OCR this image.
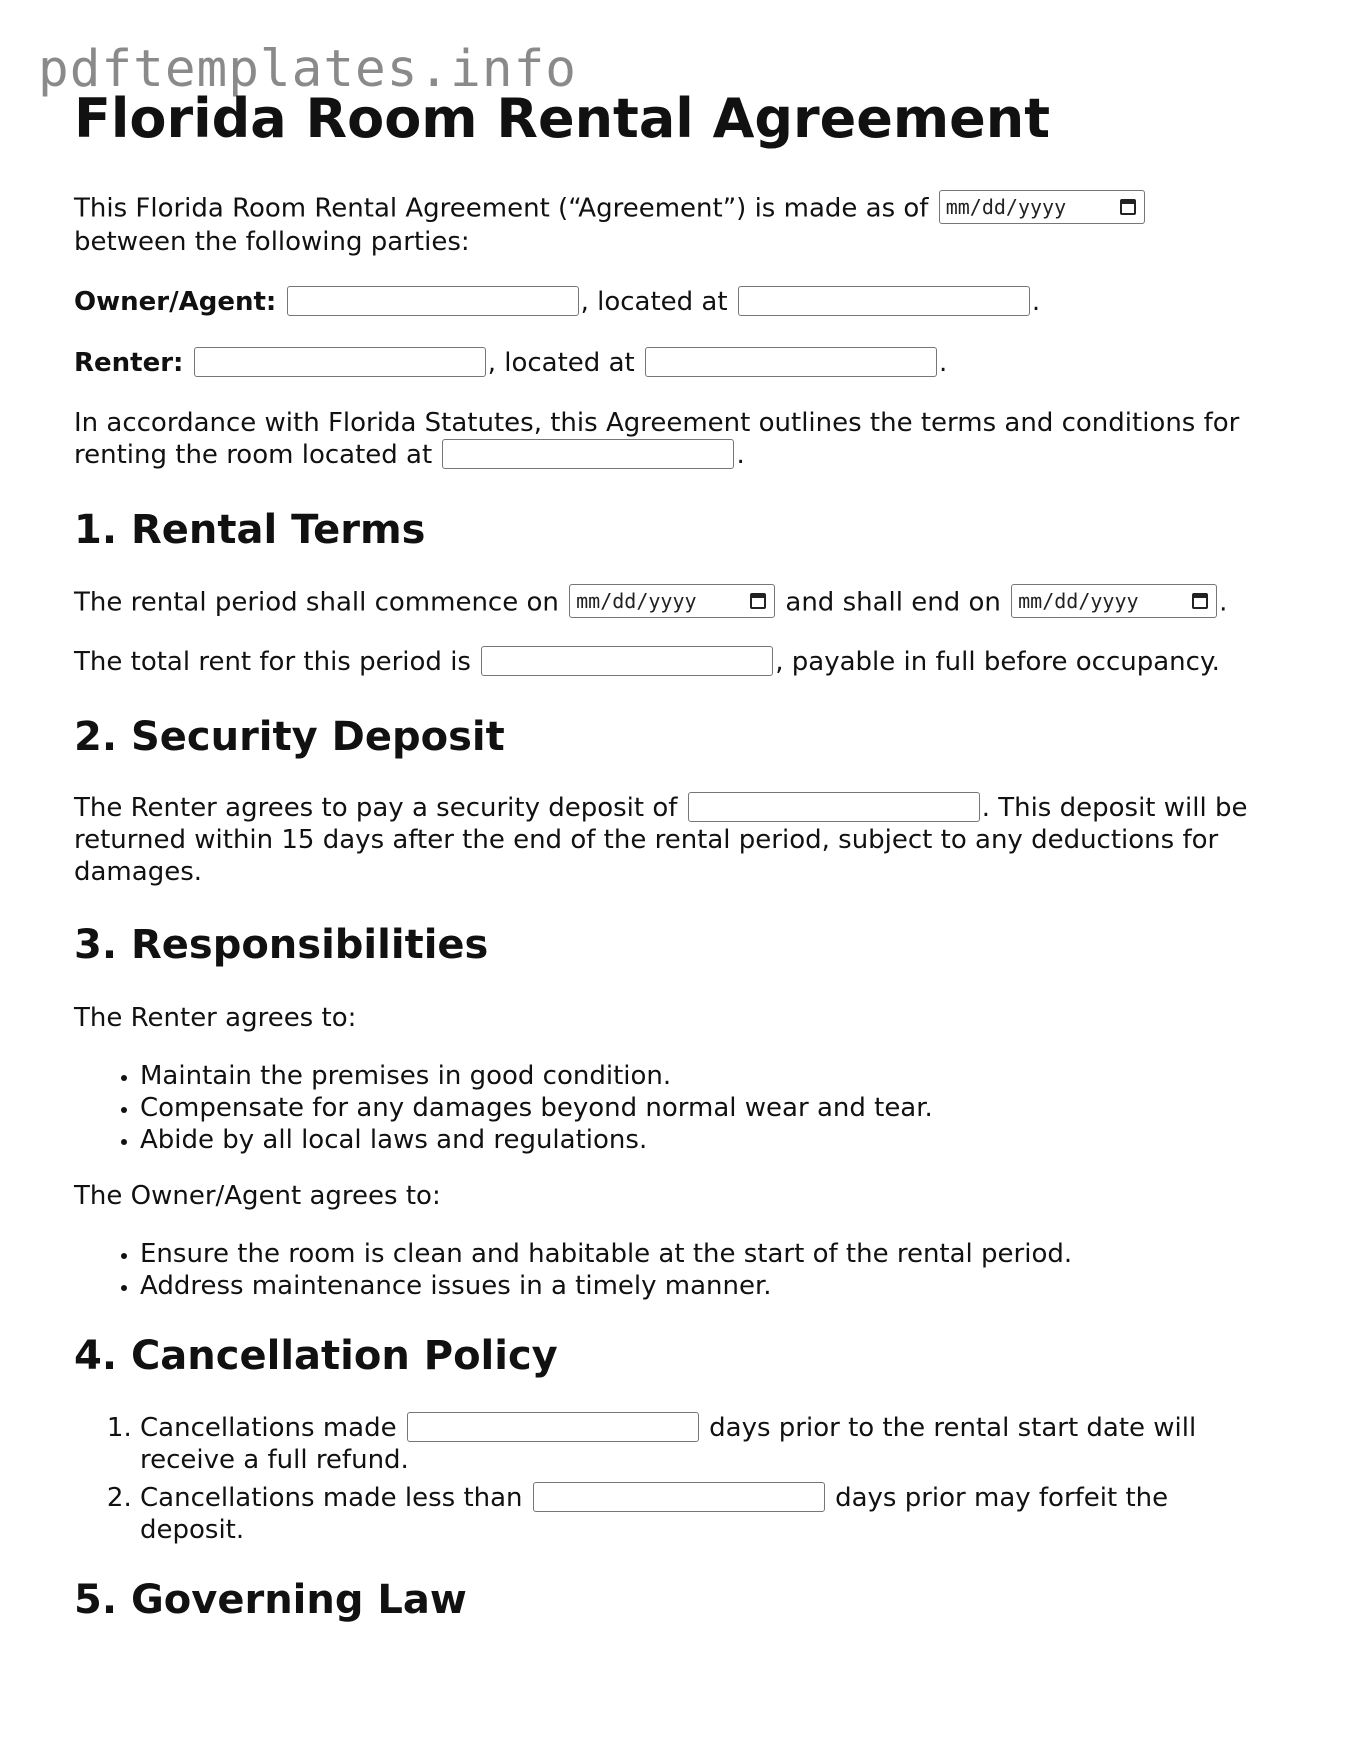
pdftemplates.info
Florida Room Rental Agreement

This Florida Room Rental Agreement (“Agreement”) is made as of mm/dd/yyyy

between the following parties:

Owner/Agent:	, located at	.

Renter:	, located at	.

In accordance with Florida Statutes, this Agreement outlines the terms and conditions for
renting the room located at	.

1. Rental Terms

The rental period shall commence on mm/dd/yyyy	and shall end on mm/dd/yyyy	.

The total rent for this period is	, payable in full before occupancy.

2. Security Deposit

The Renter agrees to pay a security deposit of	. This deposit will be
returned within 15 days after the end of the rental period, subject to any deductions for
damages.

3. Responsibilities

The Renter agrees to:

• Maintain the premises in good condition.
• Compensate for any damages beyond normal wear and tear.
• Abide by all local laws and regulations.

The Owner/Agent agrees to:

• Ensure the room is clean and habitable at the start of the rental period.
• Address maintenance issues in a timely manner.
4. Cancellation Policy
1. Cancellations made	days prior to the rental start date will receive a full refund.
2. Cancellations made less than	days prior may forfeit the deposit.
5. Governing Law
